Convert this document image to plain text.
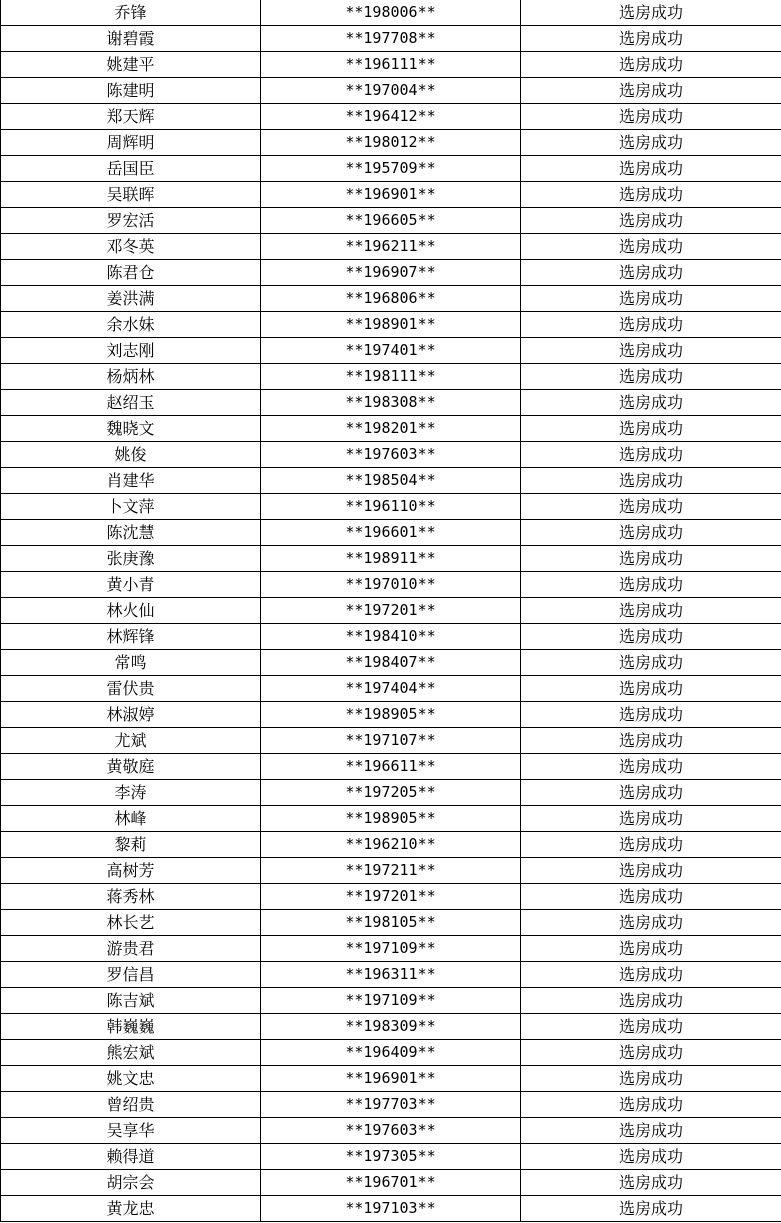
乔锋	**198006**	选房成功
谢碧霞	**197708**	选房成功
姚建平	**196111**	选房成功
陈建明	**197004**	选房成功
郑天辉	**196412**	选房成功
周辉明	**198012**	选房成功
岳国臣	**195709**	选房成功
吴联晖	**196901**	选房成功
罗宏活	**196605**	选房成功
邓冬英	**196211**	选房成功
陈君仓	**196907**	选房成功
姜洪满	**196806**	选房成功
余水妹	**198901**	选房成功
刘志刚	**197401**	选房成功
杨炳林	**198111**	选房成功
赵绍玉	**198308**	选房成功
魏晓文	**198201**	选房成功
姚俊	**197603**	选房成功
肖建华	**198504**	选房成功
卜文萍	**196110**	选房成功
陈沈慧	**196601**	选房成功
张庚豫	**198911**	选房成功
黄小青	**197010**	选房成功
林火仙	**197201**	选房成功
林辉锋	**198410**	选房成功
常鸣	**198407**	选房成功
雷伏贵	**197404**	选房成功
林淑婷	**198905**	选房成功
尤斌	**197107**	选房成功
黄敬庭	**196611**	选房成功
李涛	**197205**	选房成功
林峰	**198905**	选房成功
黎莉	**196210**	选房成功
高树芳	**197211**	选房成功
蒋秀林	**197201**	选房成功
林长艺	**198105**	选房成功
游贵君	**197109**	选房成功
罗信昌	**196311**	选房成功
陈吉斌	**197109**	选房成功
韩巍巍	**198309**	选房成功
熊宏斌	**196409**	选房成功
姚文忠	**196901**	选房成功
曾绍贵	**197703**	选房成功
吴享华	**197603**	选房成功
赖得道	**197305**	选房成功
胡宗会	**196701**	选房成功
黄龙忠	**197103**	选房成功
